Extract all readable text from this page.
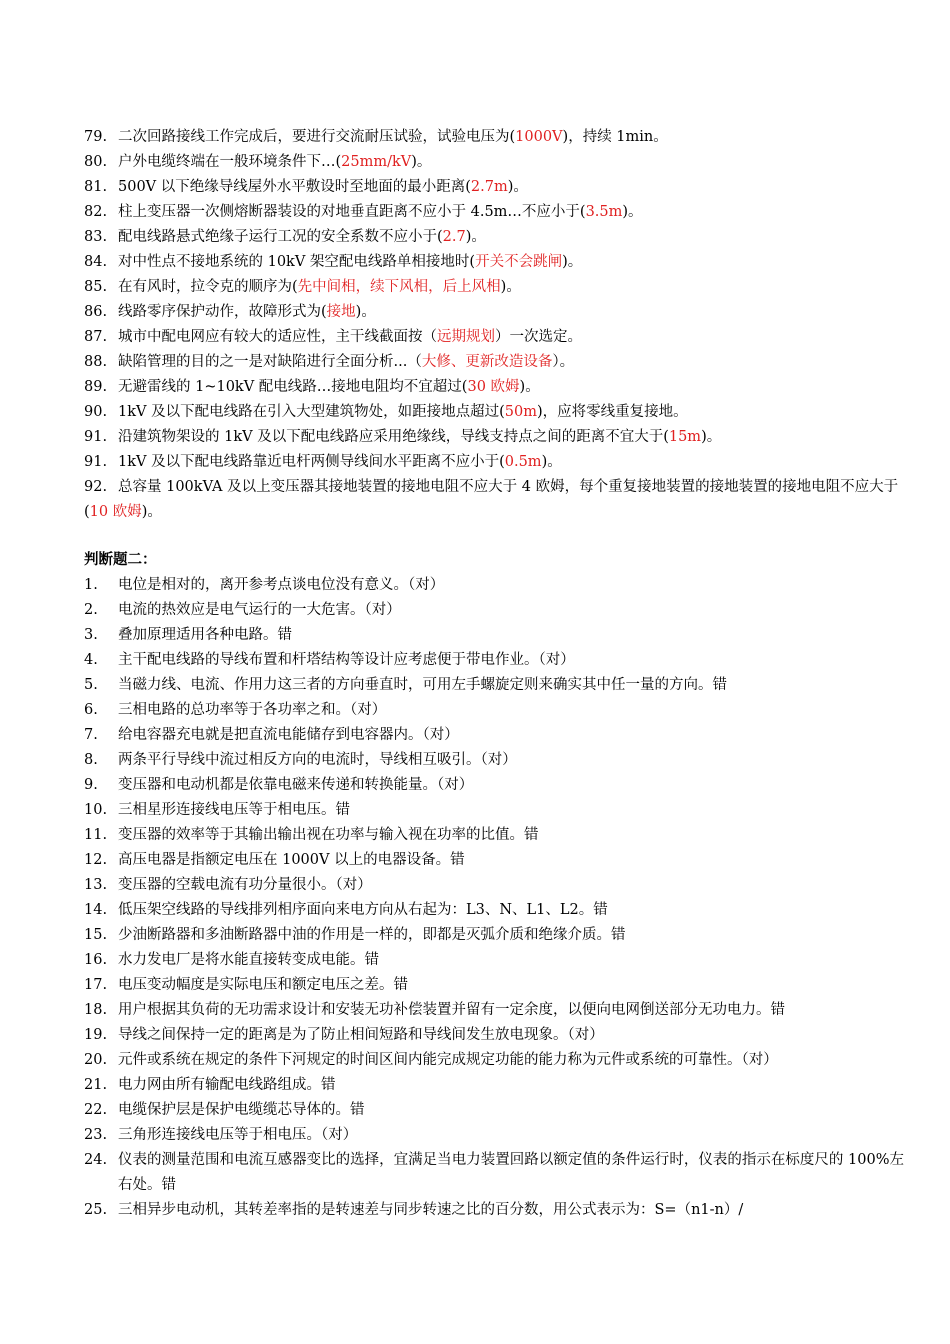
79. 二次回路接线工作完成后，要进行交流耐压试验，试验电压为(1000V)，持续 1min。
80. 户外电缆终端在一般环境条件下…(25mm/kV)。
81. 500V 以下绝缘导线屋外水平敷设时至地面的最小距离(2.7m)。
82. 柱上变压器一次侧熔断器装设的对地垂直距离不应小于 4.5m…不应小于(3.5m)。
83. 配电线路悬式绝缘子运行工况的安全系数不应小于(2.7)。
84. 对中性点不接地系统的 10kV 架空配电线路单相接地时(开关不会跳闸)。
85. 在有风时，拉令克的顺序为(先中间相，续下风相，后上风相)。
86. 线路零序保护动作，故障形式为(接地)。
87. 城市中配电网应有较大的适应性，主干线截面按（远期规划）一次选定。
88. 缺陷管理的目的之一是对缺陷进行全面分析...（大修、更新改造设备）。
89. 无避雷线的 1~10kV 配电线路…接地电阻均不宜超过(30 欧姆)。
90. 1kV 及以下配电线路在引入大型建筑物处，如距接地点超过(50m)，应将零线重复接地。
91. 沿建筑物架设的 1kV 及以下配电线路应采用绝缘线，导线支持点之间的距离不宜大于(15m)。
91. 1kV 及以下配电线路靠近电杆两侧导线间水平距离不应小于(0.5m)。
92. 总容量 100kVA 及以上变压器其接地装置的接地电阻不应大于 4 欧姆，每个重复接地装置的接地装置的接地电阻不应大于(10 欧姆)。
判断题二：
1. 电位是相对的，离开参考点谈电位没有意义。（对）
2. 电流的热效应是电气运行的一大危害。（对）
3. 叠加原理适用各种电路。错
4. 主干配电线路的导线布置和杆塔结构等设计应考虑便于带电作业。（对）
5. 当磁力线、电流、作用力这三者的方向垂直时，可用左手螺旋定则来确实其中任一量的方向。错
6. 三相电路的总功率等于各功率之和。（对）
7. 给电容器充电就是把直流电能储存到电容器内。（对）
8. 两条平行导线中流过相反方向的电流时，导线相互吸引。（对）
9. 变压器和电动机都是依靠电磁来传递和转换能量。（对）
10. 三相星形连接线电压等于相电压。错
11. 变压器的效率等于其输出输出视在功率与输入视在功率的比值。错
12. 高压电器是指额定电压在 1000V 以上的电器设备。错
13. 变压器的空载电流有功分量很小。（对）
14. 低压架空线路的导线排列相序面向来电方向从右起为：L3、N、L1、L2。错
15. 少油断路器和多油断路器中油的作用是一样的，即都是灭弧介质和绝缘介质。错
16. 水力发电厂是将水能直接转变成电能。错
17. 电压变动幅度是实际电压和额定电压之差。错
18. 用户根据其负荷的无功需求设计和安装无功补偿装置并留有一定余度，以便向电网倒送部分无功电力。错
19. 导线之间保持一定的距离是为了防止相间短路和导线间发生放电现象。（对）
20. 元件或系统在规定的条件下河规定的时间区间内能完成规定功能的能力称为元件或系统的可靠性。（对）
21. 电力网由所有输配电线路组成。错
22. 电缆保护层是保护电缆缆芯导体的。错
23. 三角形连接线电压等于相电压。（对）
24. 仪表的测量范围和电流互感器变比的选择，宜满足当电力装置回路以额定值的条件运行时，仪表的指示在标度尺的 100%左右处。错
25. 三相异步电动机，其转差率指的是转速差与同步转速之比的百分数，用公式表示为：S=（n1-n）/
